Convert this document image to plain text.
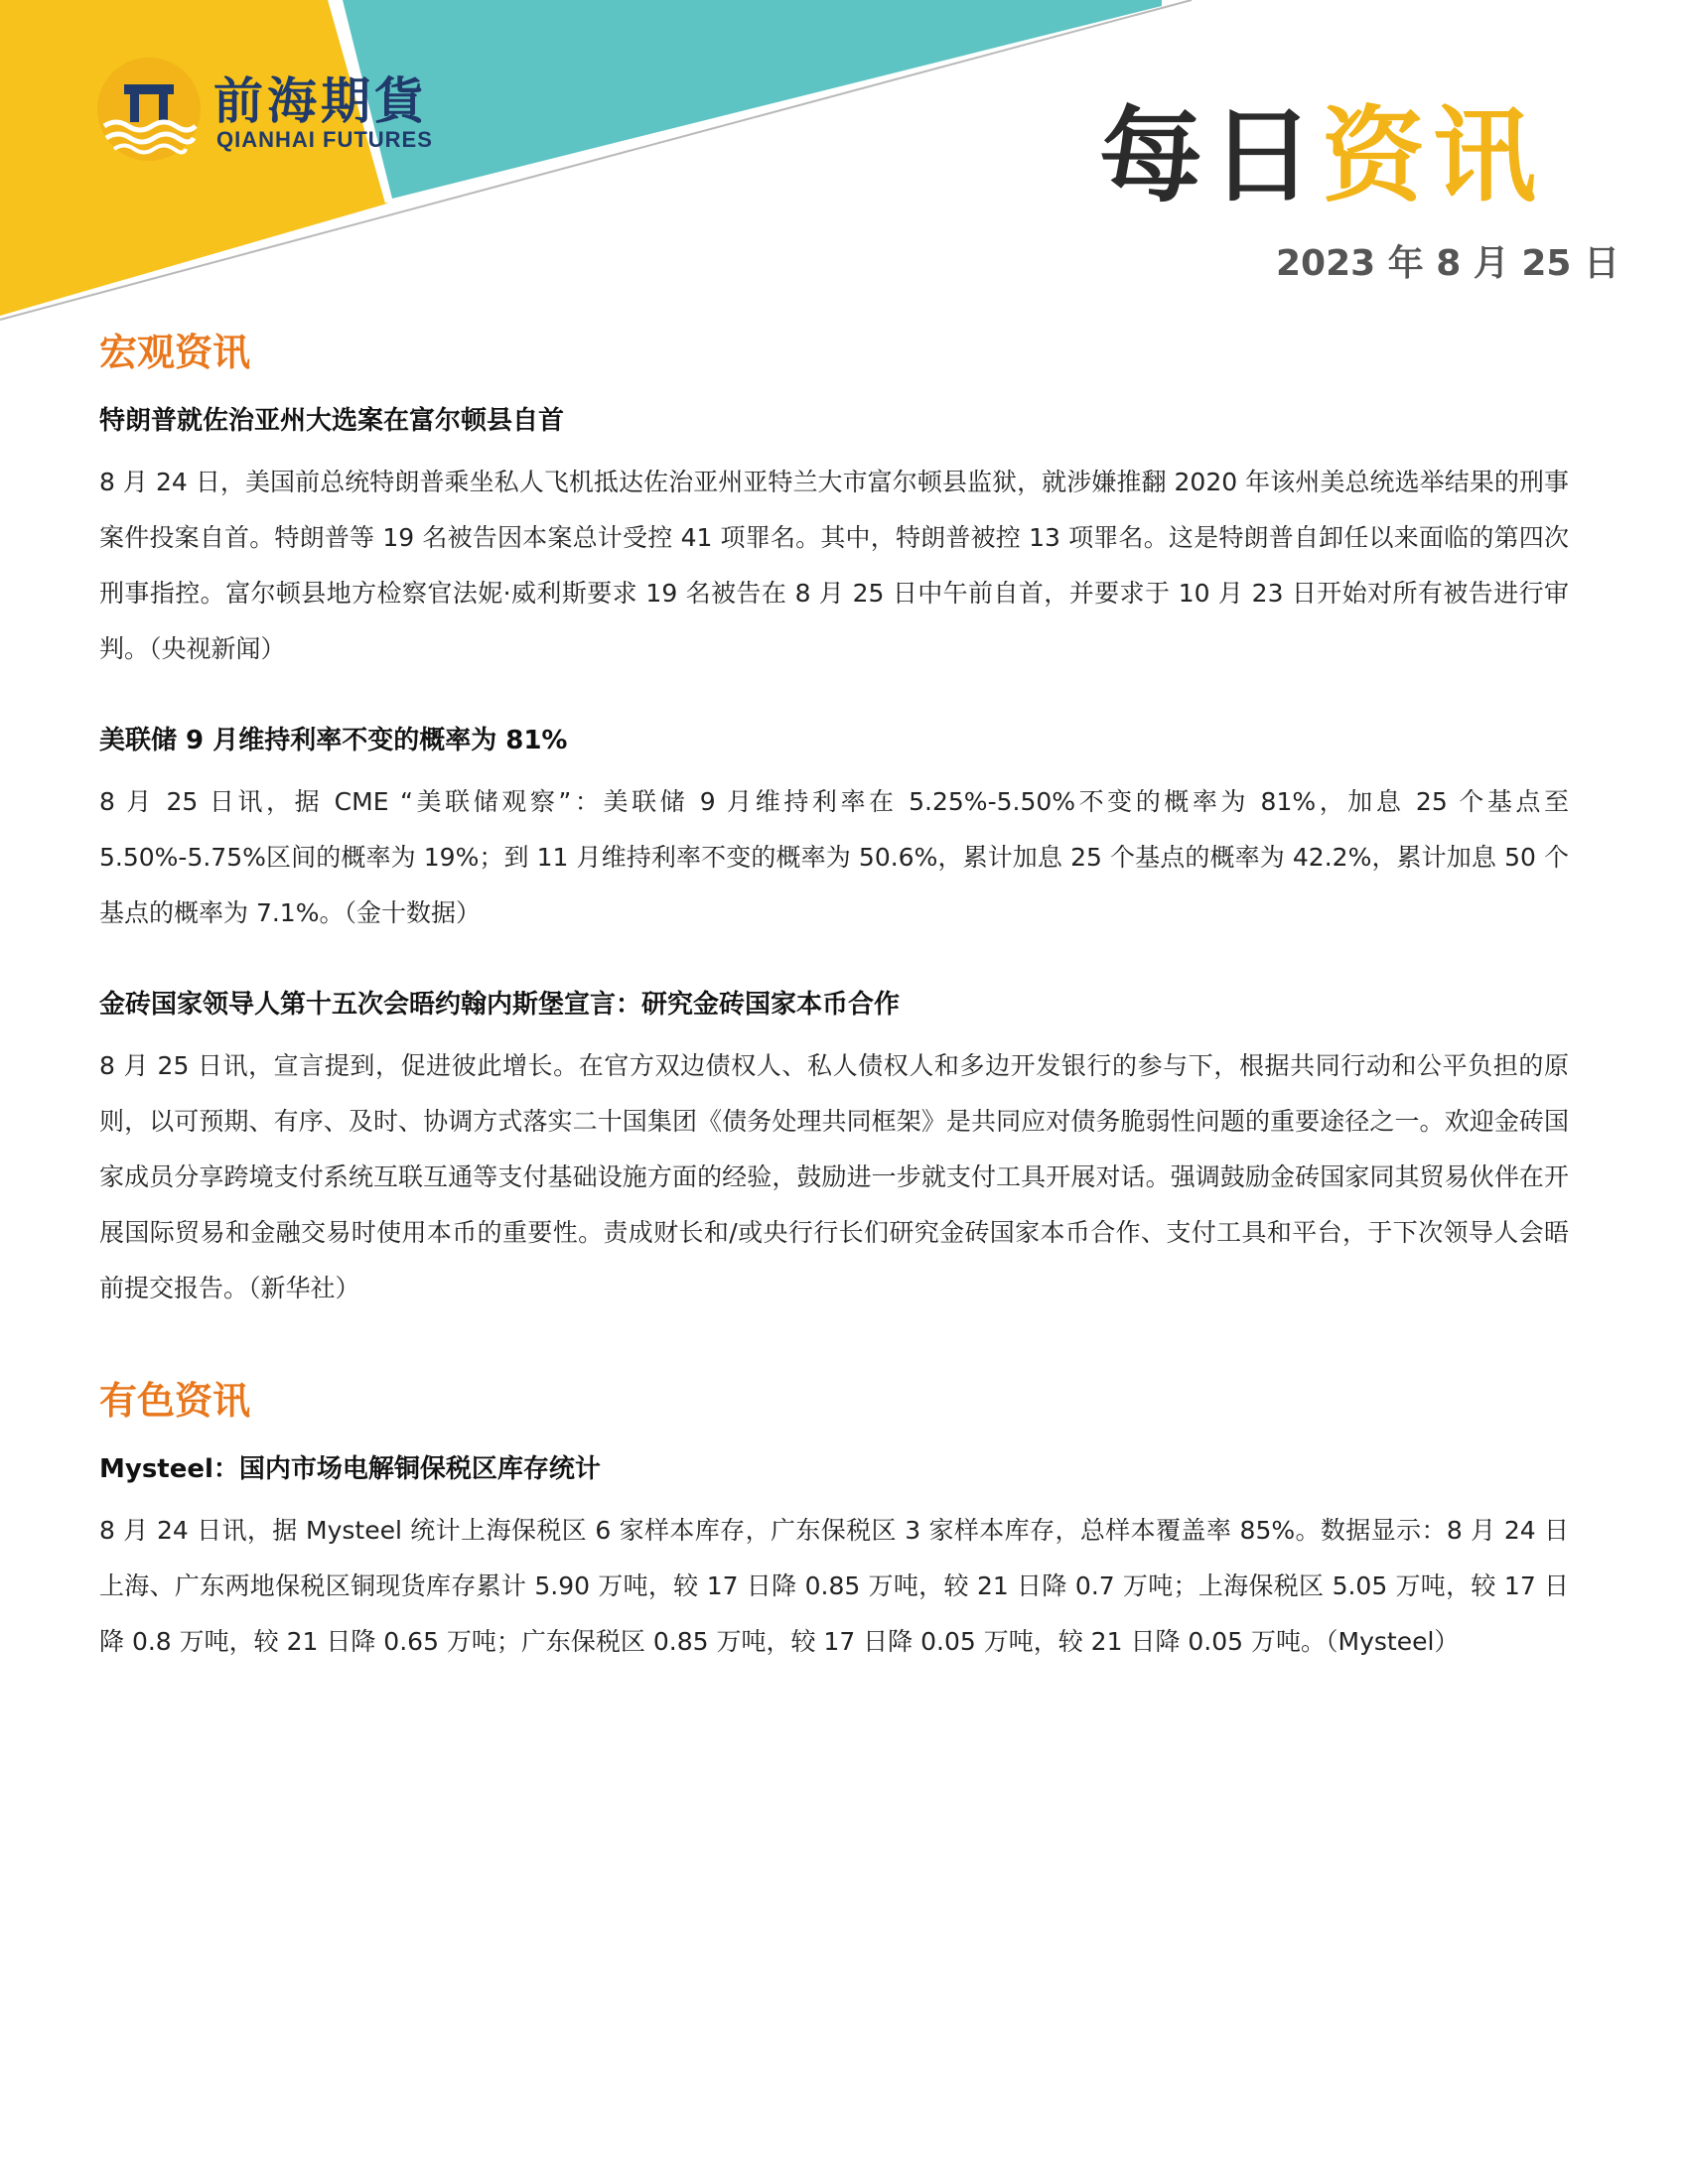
前海期貨
QIANHAI FUTURES	每日资讯
2023 年 8 月 25 日
宏观资讯
特朗普就佐治亚州大选案在富尔顿县自首

8 月 24 日，美国前总统特朗普乘坐私人飞机抵达佐治亚州亚特兰大市富尔顿县监狱，就涉嫌推翻 2020 年该州美总统选举结果的刑事案件投案自首。特朗普等 19 名被告因本案总计受控 41 项罪名。其中，特朗普被控 13 项罪名。这是特朗普自卸任以来面临的第四次刑事指控。富尔顿县地方检察官法妮·威利斯要求 19 名被告在 8 月 25 日中午前自首，并要求于 10 月 23 日开始对所有被告进行审判。（央视新闻）

美联储 9 月维持利率不变的概率为 81%

8 月 25 日讯，据 CME “美联储观察”：美联储 9 月维持利率在 5.25%-5.50%不变的概率为 81%，加息 25 个基点至 5.50%-5.75%区间的概率为 19%；到 11 月维持利率不变的概率为 50.6%，累计加息 25 个基点的概率为 42.2%，累计加息 50 个基点的概率为 7.1%。（金十数据）

金砖国家领导人第十五次会晤约翰内斯堡宣言：研究金砖国家本币合作

8 月 25 日讯，宣言提到，促进彼此增长。在官方双边债权人、私人债权人和多边开发银行的参与下，根据共同行动和公平负担的原则，以可预期、有序、及时、协调方式落实二十国集团《债务处理共同框架》是共同应对债务脆弱性问题的重要途径之一。欢迎金砖国家成员分享跨境支付系统互联互通等支付基础设施方面的经验，鼓励进一步就支付工具开展对话。强调鼓励金砖国家同其贸易伙伴在开展国际贸易和金融交易时使用本币的重要性。责成财长和/或央行行长们研究金砖国家本币合作、支付工具和平台，于下次领导人会晤前提交报告。（新华社）

有色资讯
Mysteel：国内市场电解铜保税区库存统计

8 月 24 日讯，据 Mysteel 统计上海保税区 6 家样本库存，广东保税区 3 家样本库存，总样本覆盖率 85%。数据显示：8 月 24 日上海、广东两地保税区铜现货库存累计 5.90 万吨，较 17 日降 0.85 万吨，较 21 日降 0.7 万吨；上海保税区 5.05 万吨，较 17 日降 0.8 万吨，较 21 日降 0.65 万吨；广东保税区 0.85 万吨，较 17 日降 0.05 万吨，较 21 日降 0.05 万吨。（Mysteel）
